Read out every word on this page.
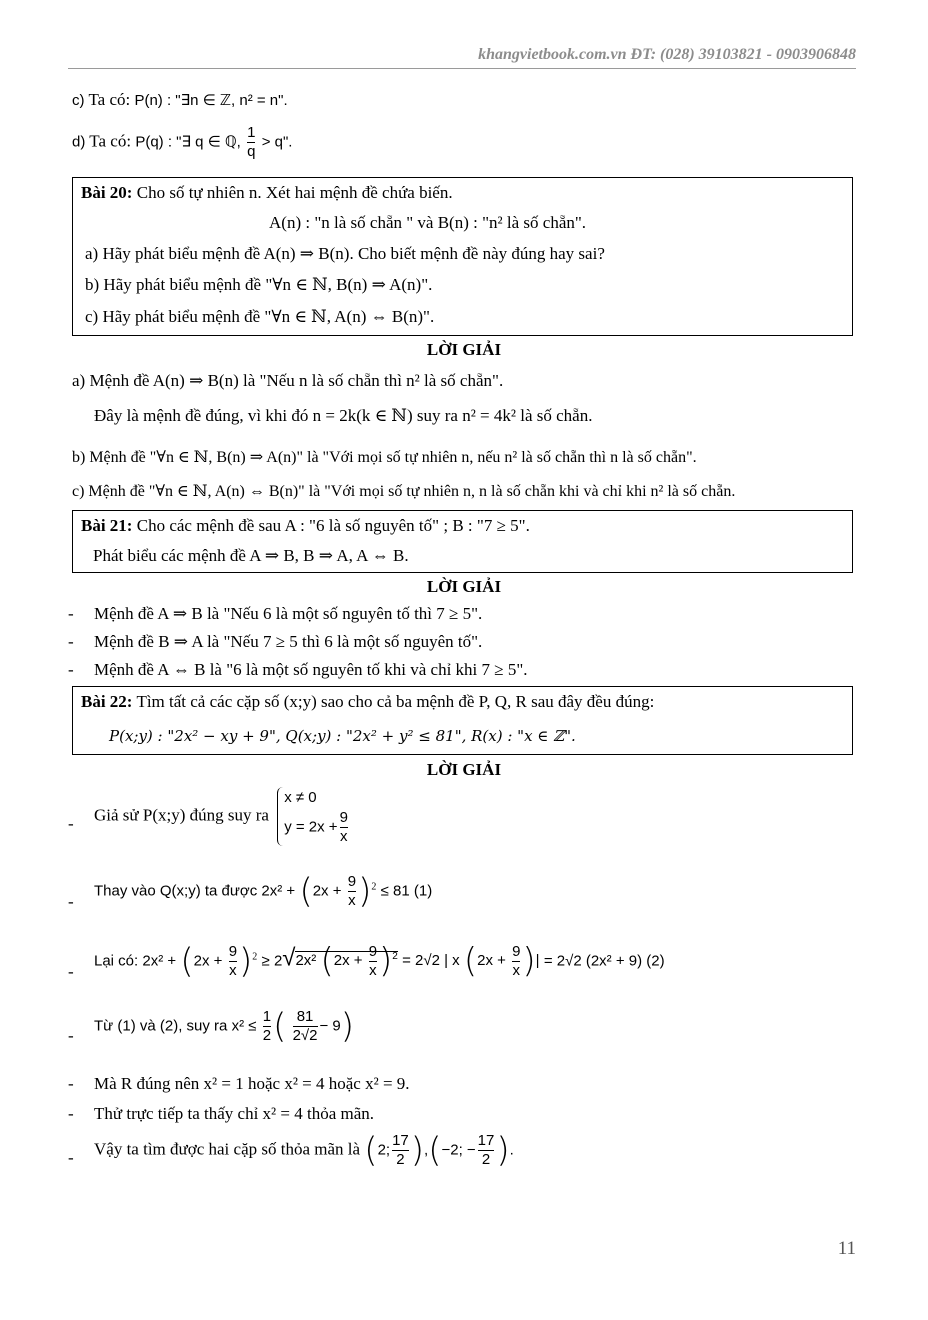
khangvietbook.com.vn ĐT: (028) 39103821 - 0903906848
c) Ta có: P(n) : "∃n ∈ ℤ, n² = n".
d) Ta có: P(q) : "∃ q ∈ ℚ, $\frac{1}{q} > q$".
Bài 20: Cho số tự nhiên n. Xét hai mệnh đề chứa biến.
A(n) : "n là số chẵn " và B(n) : "n² là số chẵn".
a) Hãy phát biểu mệnh đề A(n) ⇒ B(n). Cho biết mệnh đề này đúng hay sai?
b) Hãy phát biểu mệnh đề "∀n ∈ ℕ, B(n) ⇒ A(n)".
c) Hãy phát biểu mệnh đề "∀n ∈ ℕ, A(n) ⇔ B(n)".
LỜI GIẢI
a) Mệnh đề A(n) ⇒ B(n) là "Nếu n là số chẵn thì n² là số chẵn".
Đây là mệnh đề đúng, vì khi đó n = 2k(k ∈ ℕ) suy ra n² = 4k² là số chẵn.
b) Mệnh đề "∀n ∈ ℕ, B(n) ⇒ A(n)" là "Với mọi số tự nhiên n, nếu n² là số chẵn thì n là số chẵn".
c) Mệnh đề "∀n ∈ ℕ, A(n) ⇔ B(n)" là "Với mọi số tự nhiên n, n là số chẵn khi và chỉ khi n² là số chẵn.
Bài 21: Cho các mệnh đề sau A : "6 là số nguyên tố" ; B : "7 ≥ 5".
Phát biểu các mệnh đề A ⇒ B, B ⇒ A, A ⇔ B.
LỜI GIẢI
- Mệnh đề A ⇒ B là "Nếu 6 là một số nguyên tố thì 7 ≥ 5".
- Mệnh đề B ⇒ A là "Nếu 7 ≥ 5 thì 6 là một số nguyên tố".
- Mệnh đề A ⇔ B là "6 là một số nguyên tố khi và chỉ khi 7 ≥ 5".
Bài 22: Tìm tất cả các cặp số (x;y) sao cho cả ba mệnh đề P, Q, R sau đây đều đúng:
P(x;y) : "2x² − xy + 9", Q(x;y) : "2x² + y² ≤ 81", R(x) : "x ∈ ℤ".
LỜI GIẢI
- Giả sử P(x;y) đúng suy ra
x ≠ 0
$y = 2x + \frac{9}{x}$
-
Thay vào Q(x;y) ta được $2x^2 + (2x + \frac{9}{x} )^2 \le 81$ (1)
-
Lại có: $2x^2 + (2x + \frac{9}{x} )^2 \ge 2√2x^2$ $(2x + \frac{9}{x} )^2 = 2√2$ | x ($2x + \frac{9}{x}$ )| = 2√2 (2x² + 9) (2)
-
Từ (1) và (2), suy ra $x^2 \le \frac{1}{2}$ ( $\frac{81}{2√2} - 9$)
- Mà R đúng nên x² = 1 hoặc x² = 4 hoặc x² = 9.
- Thử trực tiếp ta thấy chỉ x² = 4 thỏa mãn.
- Vậy ta tìm được hai cặp số thỏa mãn là (2; $\frac{17}{2} ),(-2$; − $\frac{17}{2}$ ).
11
